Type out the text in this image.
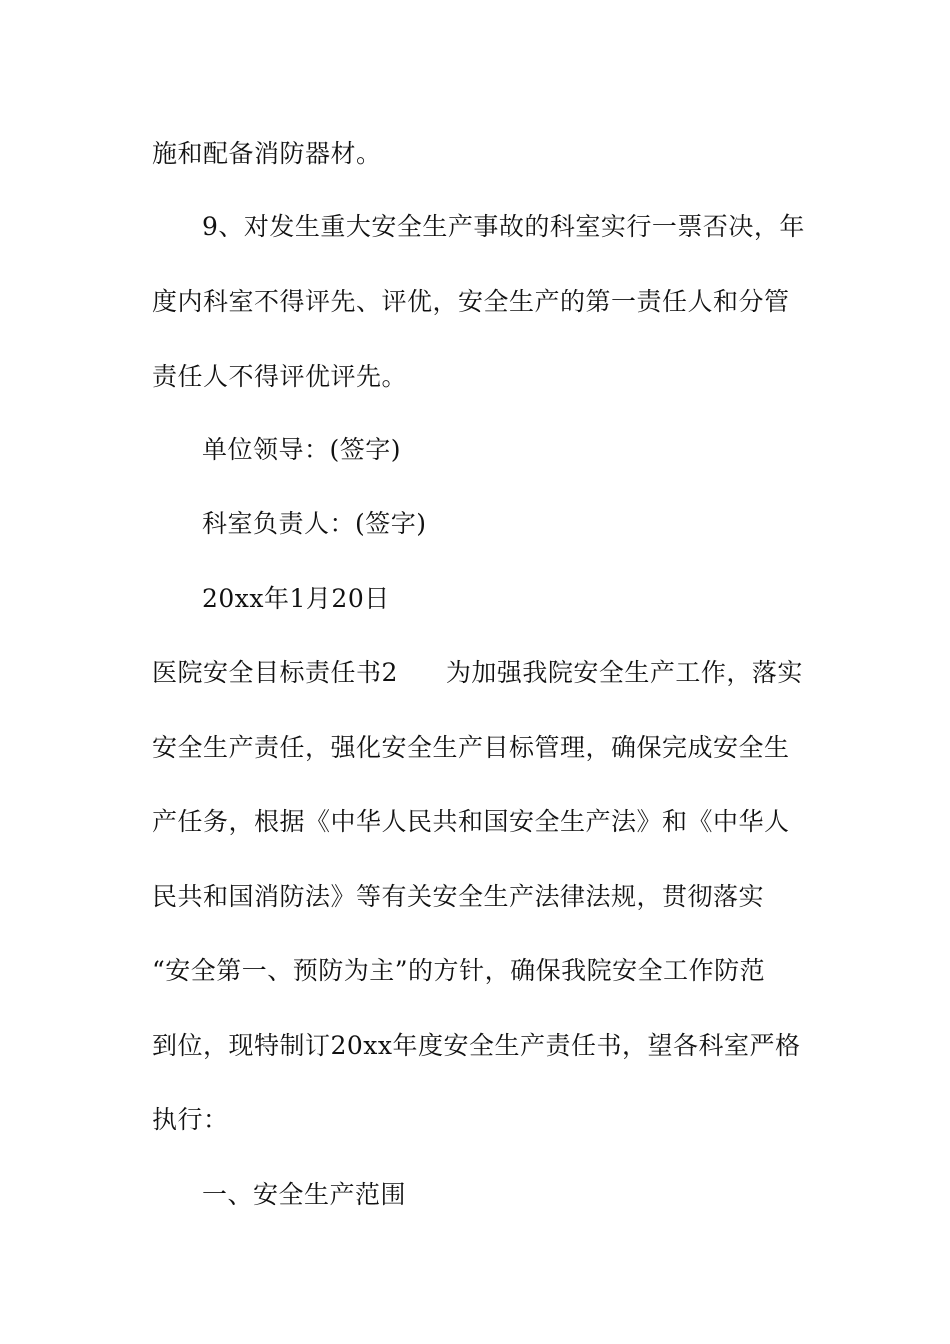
施和配备消防器材。
9、对发生重大安全生产事故的科室实行一票否决，年
度内科室不得评先、评优，安全生产的第一责任人和分管
责任人不得评优评先。
单位领导：(签字)
科室负责人：(签字)
20xx年1月20日
医院安全目标责任书2 为加强我院安全生产工作，落实
安全生产责任，强化安全生产目标管理，确保完成安全生
产任务，根据《中华人民共和国安全生产法》和《中华人
民共和国消防法》等有关安全生产法律法规，贯彻落实
“安全第一、预防为主”的方针，确保我院安全工作防范
到位，现特制订20xx年度安全生产责任书，望各科室严格
执行：
一、安全生产范围
